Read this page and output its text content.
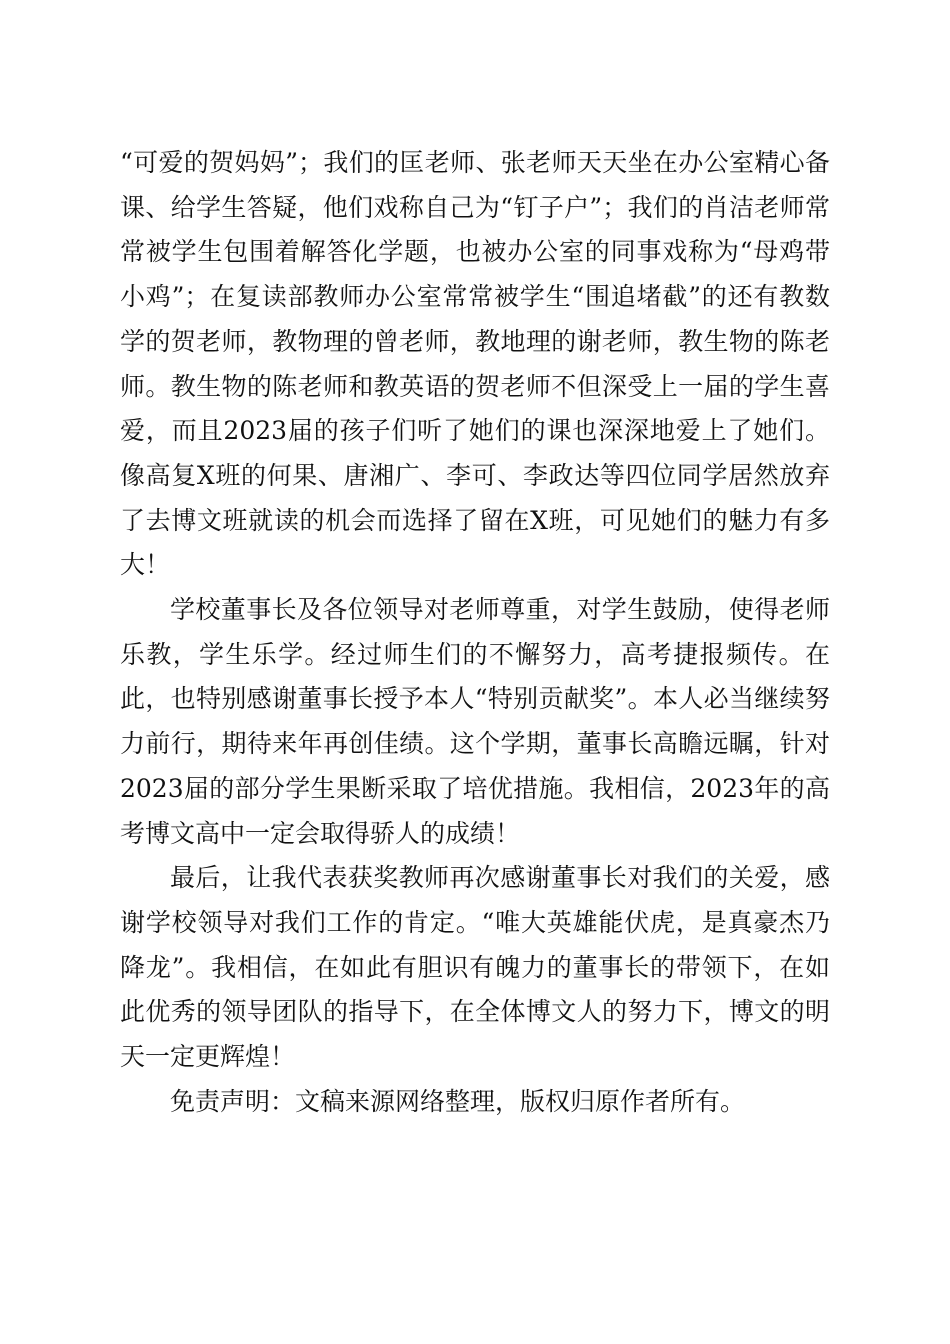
“可爱的贺妈妈”；我们的匡老师、张老师天天坐在办公室精心备课、给学生答疑，他们戏称自己为“钉子户”；我们的肖洁老师常常被学生包围着解答化学题，也被办公室的同事戏称为“母鸡带小鸡”；在复读部教师办公室常常被学生“围追堵截”的还有教数学的贺老师，教物理的曾老师，教地理的谢老师，教生物的陈老师。教生物的陈老师和教英语的贺老师不但深受上一届的学生喜爱，而且2023届的孩子们听了她们的课也深深地爱上了她们。像高复X班的何果、唐湘广、李可、李政达等四位同学居然放弃了去博文班就读的机会而选择了留在X班，可见她们的魅力有多大！

学校董事长及各位领导对老师尊重，对学生鼓励，使得老师乐教，学生乐学。经过师生们的不懈努力，高考捷报频传。在此，也特别感谢董事长授予本人“特别贡献奖”。本人必当继续努力前行，期待来年再创佳绩。这个学期，董事长高瞻远瞩，针对2023届的部分学生果断采取了培优措施。我相信，2023年的高考博文高中一定会取得骄人的成绩！

最后，让我代表获奖教师再次感谢董事长对我们的关爱，感谢学校领导对我们工作的肯定。“唯大英雄能伏虎，是真豪杰乃降龙”。我相信，在如此有胆识有魄力的董事长的带领下，在如此优秀的领导团队的指导下，在全体博文人的努力下，博文的明天一定更辉煌！

免责声明：文稿来源网络整理，版权归原作者所有。
